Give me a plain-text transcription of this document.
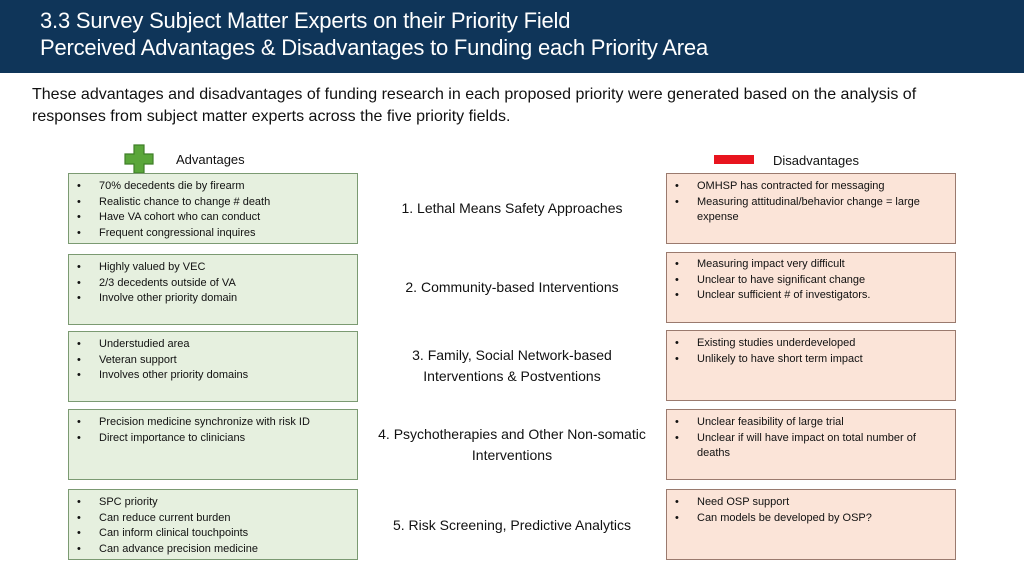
3.3 Survey Subject Matter Experts on their Priority Field
Perceived Advantages & Disadvantages to Funding each Priority Area
These advantages and disadvantages of funding research in each proposed priority were generated based on the analysis of responses from subject matter experts across the five priority fields.
Advantages	Disadvantages
• 70% decedents die by firearm
• Realistic chance to change # death
• Have VA cohort who can conduct
• Frequent congressional inquires
1. Lethal Means Safety Approaches
• OMHSP has contracted for messaging
• Measuring attitudinal/behavior change = large expense
• Highly valued by VEC
• 2/3 decedents outside of VA
• Involve other priority domain
2. Community-based Interventions
• Measuring impact very difficult
• Unclear to have significant change
• Unclear sufficient # of investigators.
• Understudied area
• Veteran support
• Involves other priority domains
3. Family, Social Network-based Interventions & Postventions
• Existing studies underdeveloped
• Unlikely to have short term impact
• Precision medicine synchronize with risk ID
• Direct importance to clinicians	4. Psychotherapies and Other Non-somatic Interventions
• Unclear feasibility of large trial
• Unclear if will have impact on total number of deaths
• SPC priority
• Can reduce current burden
• Can inform clinical touchpoints
• Can advance precision medicine
5. Risk Screening, Predictive Analytics
• Need OSP support
• Can models be developed by OSP?
